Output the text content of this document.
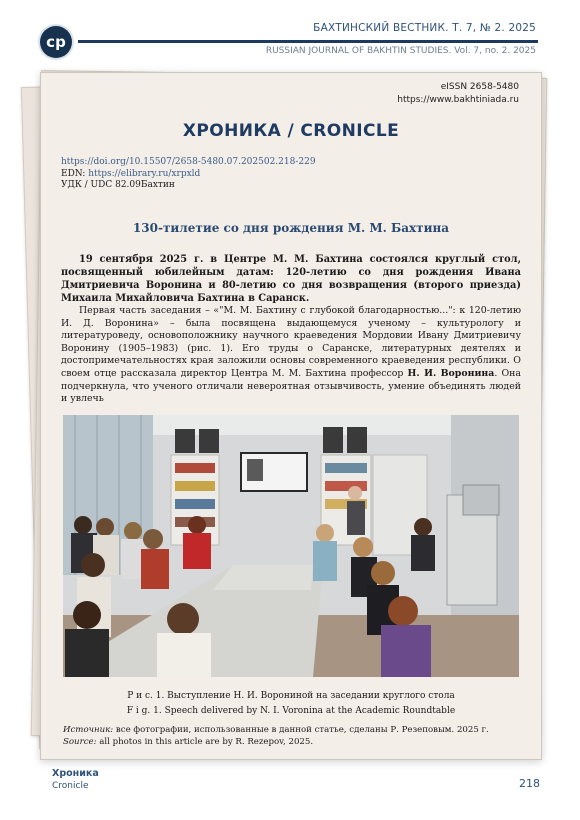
ср
БАХТИНСКИЙ ВЕСТНИК. Т. 7, № 2. 2025
RUSSIAN JOURNAL OF BAKHTIN STUDIES. Vol. 7, no. 2. 2025
eISSN 2658-5480
https://www.bakhtiniada.ru
ХРОНИКА / CRONICLE
https://doi.org/10.15507/2658-5480.07.202502.218-229
EDN: https://elibrary.ru/xrpxld
УДК / UDC 82.09Бахтин
130-тилетие со дня рождения М. М. Бахтина

19 сентября 2025 г. в Центре М. М. Бахтина состоялся круглый стол, посвященный юбилейным датам: 120-летию со дня рождения Ивана Дмитриевича Воронина и 80-летию со дня возвращения (второго приезда) Михаила Михайловича Бахтина в Саранск.

Первая часть заседания – «"М. М. Бахтину с глубокой благодарностью...": к 120-летию И. Д. Воронина» – была посвящена выдающемуся ученому – культурологу и литературоведу, основоположнику научного краеведения Мордовии Ивану Дмитриевичу Воронину (1905–1983) (рис. 1). Его труды о Саранске, литературных деятелях и достопримечательностях края заложили основы современного краеведения республики. О своем отце рассказала директор Центра М. М. Бахтина профессор Н. И. Воронина. Она подчеркнула, что ученого отличали невероятная отзывчивость, умение объединять людей и увлечь

Р и с. 1. Выступление Н. И. Ворониной на заседании круглого стола
F i g. 1. Speech delivered by N. I. Voronina at the Academic Roundtable
Источник: все фотографии, использованные в данной статье, сделаны Р. Резеповым. 2025 г.
Source: all photos in this article are by R. Rezepov, 2025.
Хроника
Cronicle	218
